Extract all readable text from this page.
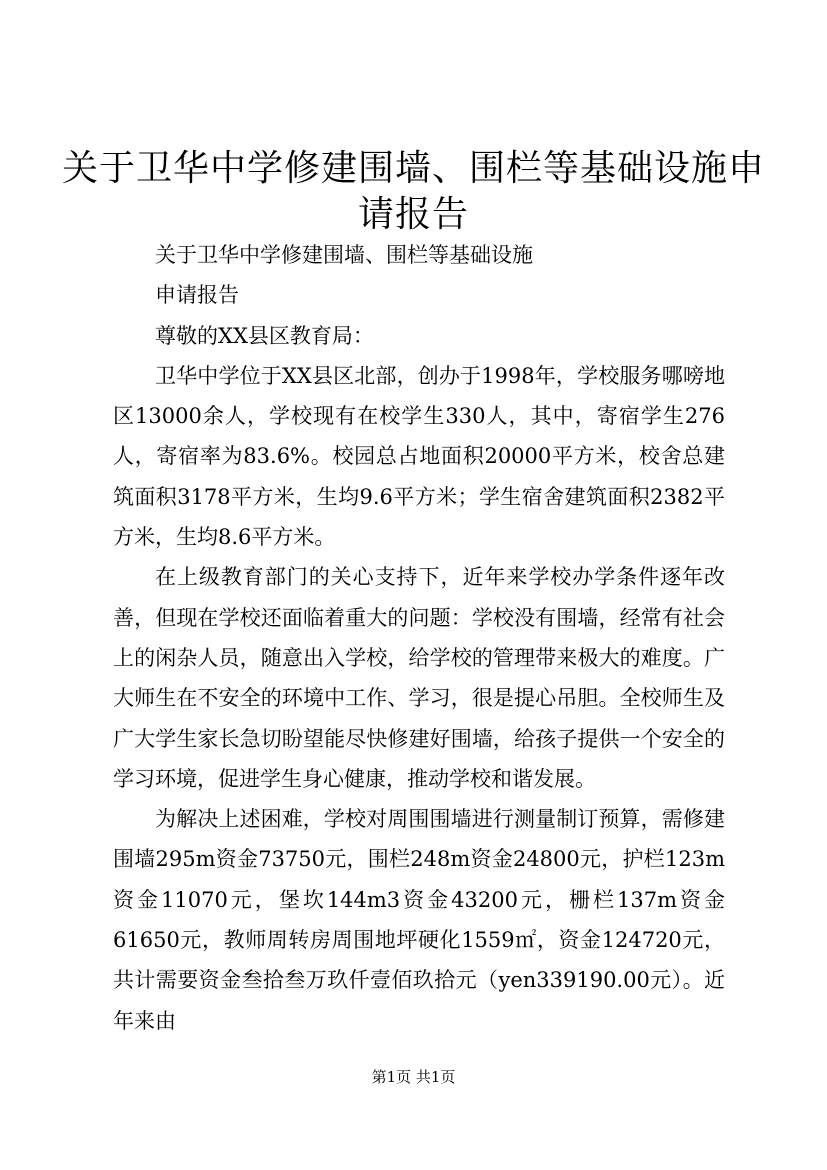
关于卫华中学修建围墙、围栏等基础设施申请报告

关于卫华中学修建围墙、围栏等基础设施

申请报告

尊敬的XX县区教育局：

卫华中学位于XX县区北部，创办于1998年，学校服务哪嗙地区13000余人，学校现有在校学生330人，其中，寄宿学生276人，寄宿率为83.6%。校园总占地面积20000平方米，校舍总建筑面积3178平方米，生均9.6平方米；学生宿舍建筑面积2382平方米，生均8.6平方米。

在上级教育部门的关心支持下，近年来学校办学条件逐年改善，但现在学校还面临着重大的问题：学校没有围墙，经常有社会上的闲杂人员，随意出入学校，给学校的管理带来极大的难度。广大师生在不安全的环境中工作、学习，很是提心吊胆。全校师生及广大学生家长急切盼望能尽快修建好围墙，给孩子提供一个安全的学习环境，促进学生身心健康，推动学校和谐发展。

为解决上述困难，学校对周围围墙进行测量制订预算，需修建围墙295m资金73750元，围栏248m资金24800元，护栏123m资金11070元，堡坎144m3资金43200元，栅栏137m资金61650元，教师周转房周围地坪硬化1559㎡，资金124720元，共计需要资金叁拾叁万玖仟壹佰玖拾元（yen339190.00元）。近年来由

第1页 共1页
